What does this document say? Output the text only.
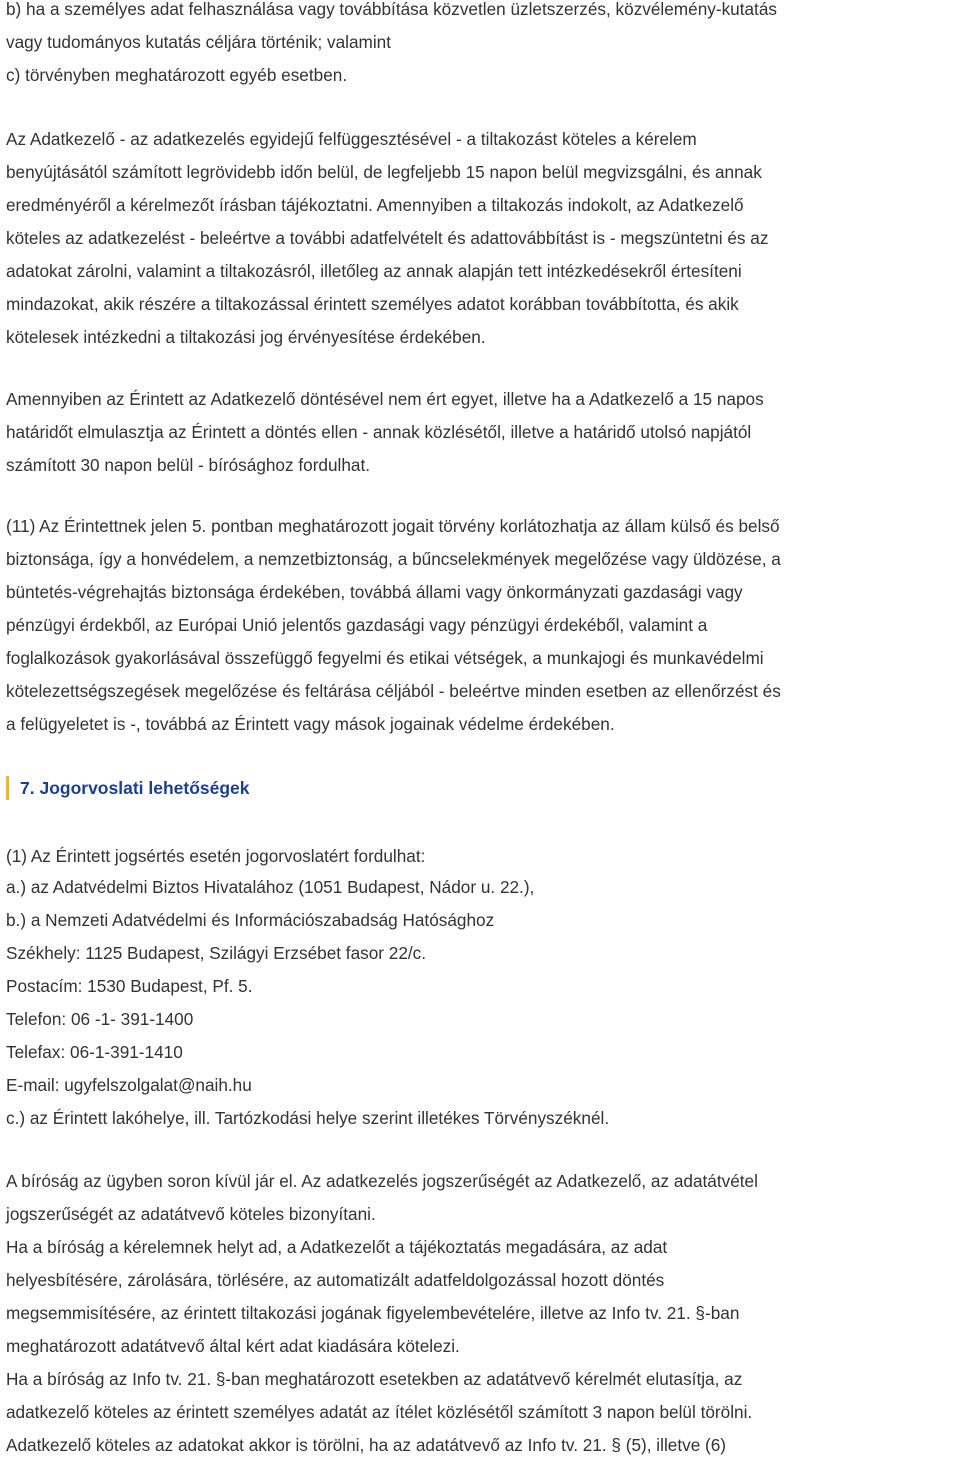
b) ha a személyes adat felhasználása vagy továbbítása közvetlen üzletszerzés, közvélemény-kutatás
vagy tudományos kutatás céljára történik; valamint
c) törvényben meghatározott egyéb esetben.
Az Adatkezelő - az adatkezelés egyidejű felfüggesztésével - a tiltakozást köteles a kérelem
benyújtásától számított legrövidebb időn belül, de legfeljebb 15 napon belül megvizsgálni, és annak
eredményéről a kérelmezőt írásban tájékoztatni. Amennyiben a tiltakozás indokolt, az Adatkezelő
köteles az adatkezelést - beleértve a további adatfelvételt és adattovábbítást is - megszüntetni és az
adatokat zárolni, valamint a tiltakozásról, illetőleg az annak alapján tett intézkedésekről értesíteni
mindazokat, akik részére a tiltakozással érintett személyes adatot korábban továbbította, és akik
kötelesek intézkedni a tiltakozási jog érvényesítése érdekében.
Amennyiben az Érintett az Adatkezelő döntésével nem ért egyet, illetve ha a Adatkezelő a 15 napos
határidőt elmulasztja az Érintett a döntés ellen - annak közlésétől, illetve a határidő utolsó napjától
számított 30 napon belül - bírósághoz fordulhat.
(11) Az Érintettnek jelen 5. pontban meghatározott jogait törvény korlátozhatja az állam külső és belső
biztonsága, így a honvédelem, a nemzetbiztonság, a bűncselekmények megelőzése vagy üldözése, a
büntetés-végrehajtás biztonsága érdekében, továbbá állami vagy önkormányzati gazdasági vagy
pénzügyi érdekből, az Európai Unió jelentős gazdasági vagy pénzügyi érdekéből, valamint a
foglalkozások gyakorlásával összefüggő fegyelmi és etikai vétségek, a munkajogi és munkavédelmi
kötelezettségszegések megelőzése és feltárása céljából - beleértve minden esetben az ellenőrzést és
a felügyeletet is -, továbbá az Érintett vagy mások jogainak védelme érdekében.
7. Jogorvoslati lehetőségek
(1) Az Érintett jogsértés esetén jogorvoslatért fordulhat:
a.) az Adatvédelmi Biztos Hivatalához (1051 Budapest, Nádor u. 22.),
b.) a Nemzeti Adatvédelmi és Információszabadság Hatósághoz
Székhely: 1125 Budapest, Szilágyi Erzsébet fasor 22/c.
Postacím: 1530 Budapest, Pf. 5.
Telefon: 06 -1- 391-1400
Telefax: 06-1-391-1410
E-mail: ugyfelszolgalat@naih.hu
c.) az Érintett lakóhelye, ill. Tartózkodási helye szerint illetékes Törvényszéknél.
A bíróság az ügyben soron kívül jár el. Az adatkezelés jogszerűségét az Adatkezelő, az adatátvétel
jogszerűségét az adatátvevő köteles bizonyítani.
Ha a bíróság a kérelemnek helyt ad, a Adatkezelőt a tájékoztatás megadására, az adat
helyesbítésére, zárolására, törlésére, az automatizált adatfeldolgozással hozott döntés
megsemmisítésére, az érintett tiltakozási jogának figyelembevételére, illetve az Info tv. 21. §-ban
meghatározott adatátvevő által kért adat kiadására kötelezi.
Ha a bíróság az Info tv. 21. §-ban meghatározott esetekben az adatátvevő kérelmét elutasítja, az
adatkezelő köteles az érintett személyes adatát az ítélet közlésétől számított 3 napon belül törölni.
Adatkezelő köteles az adatokat akkor is törölni, ha az adatátvevő az Info tv. 21. § (5), illetve (6)
